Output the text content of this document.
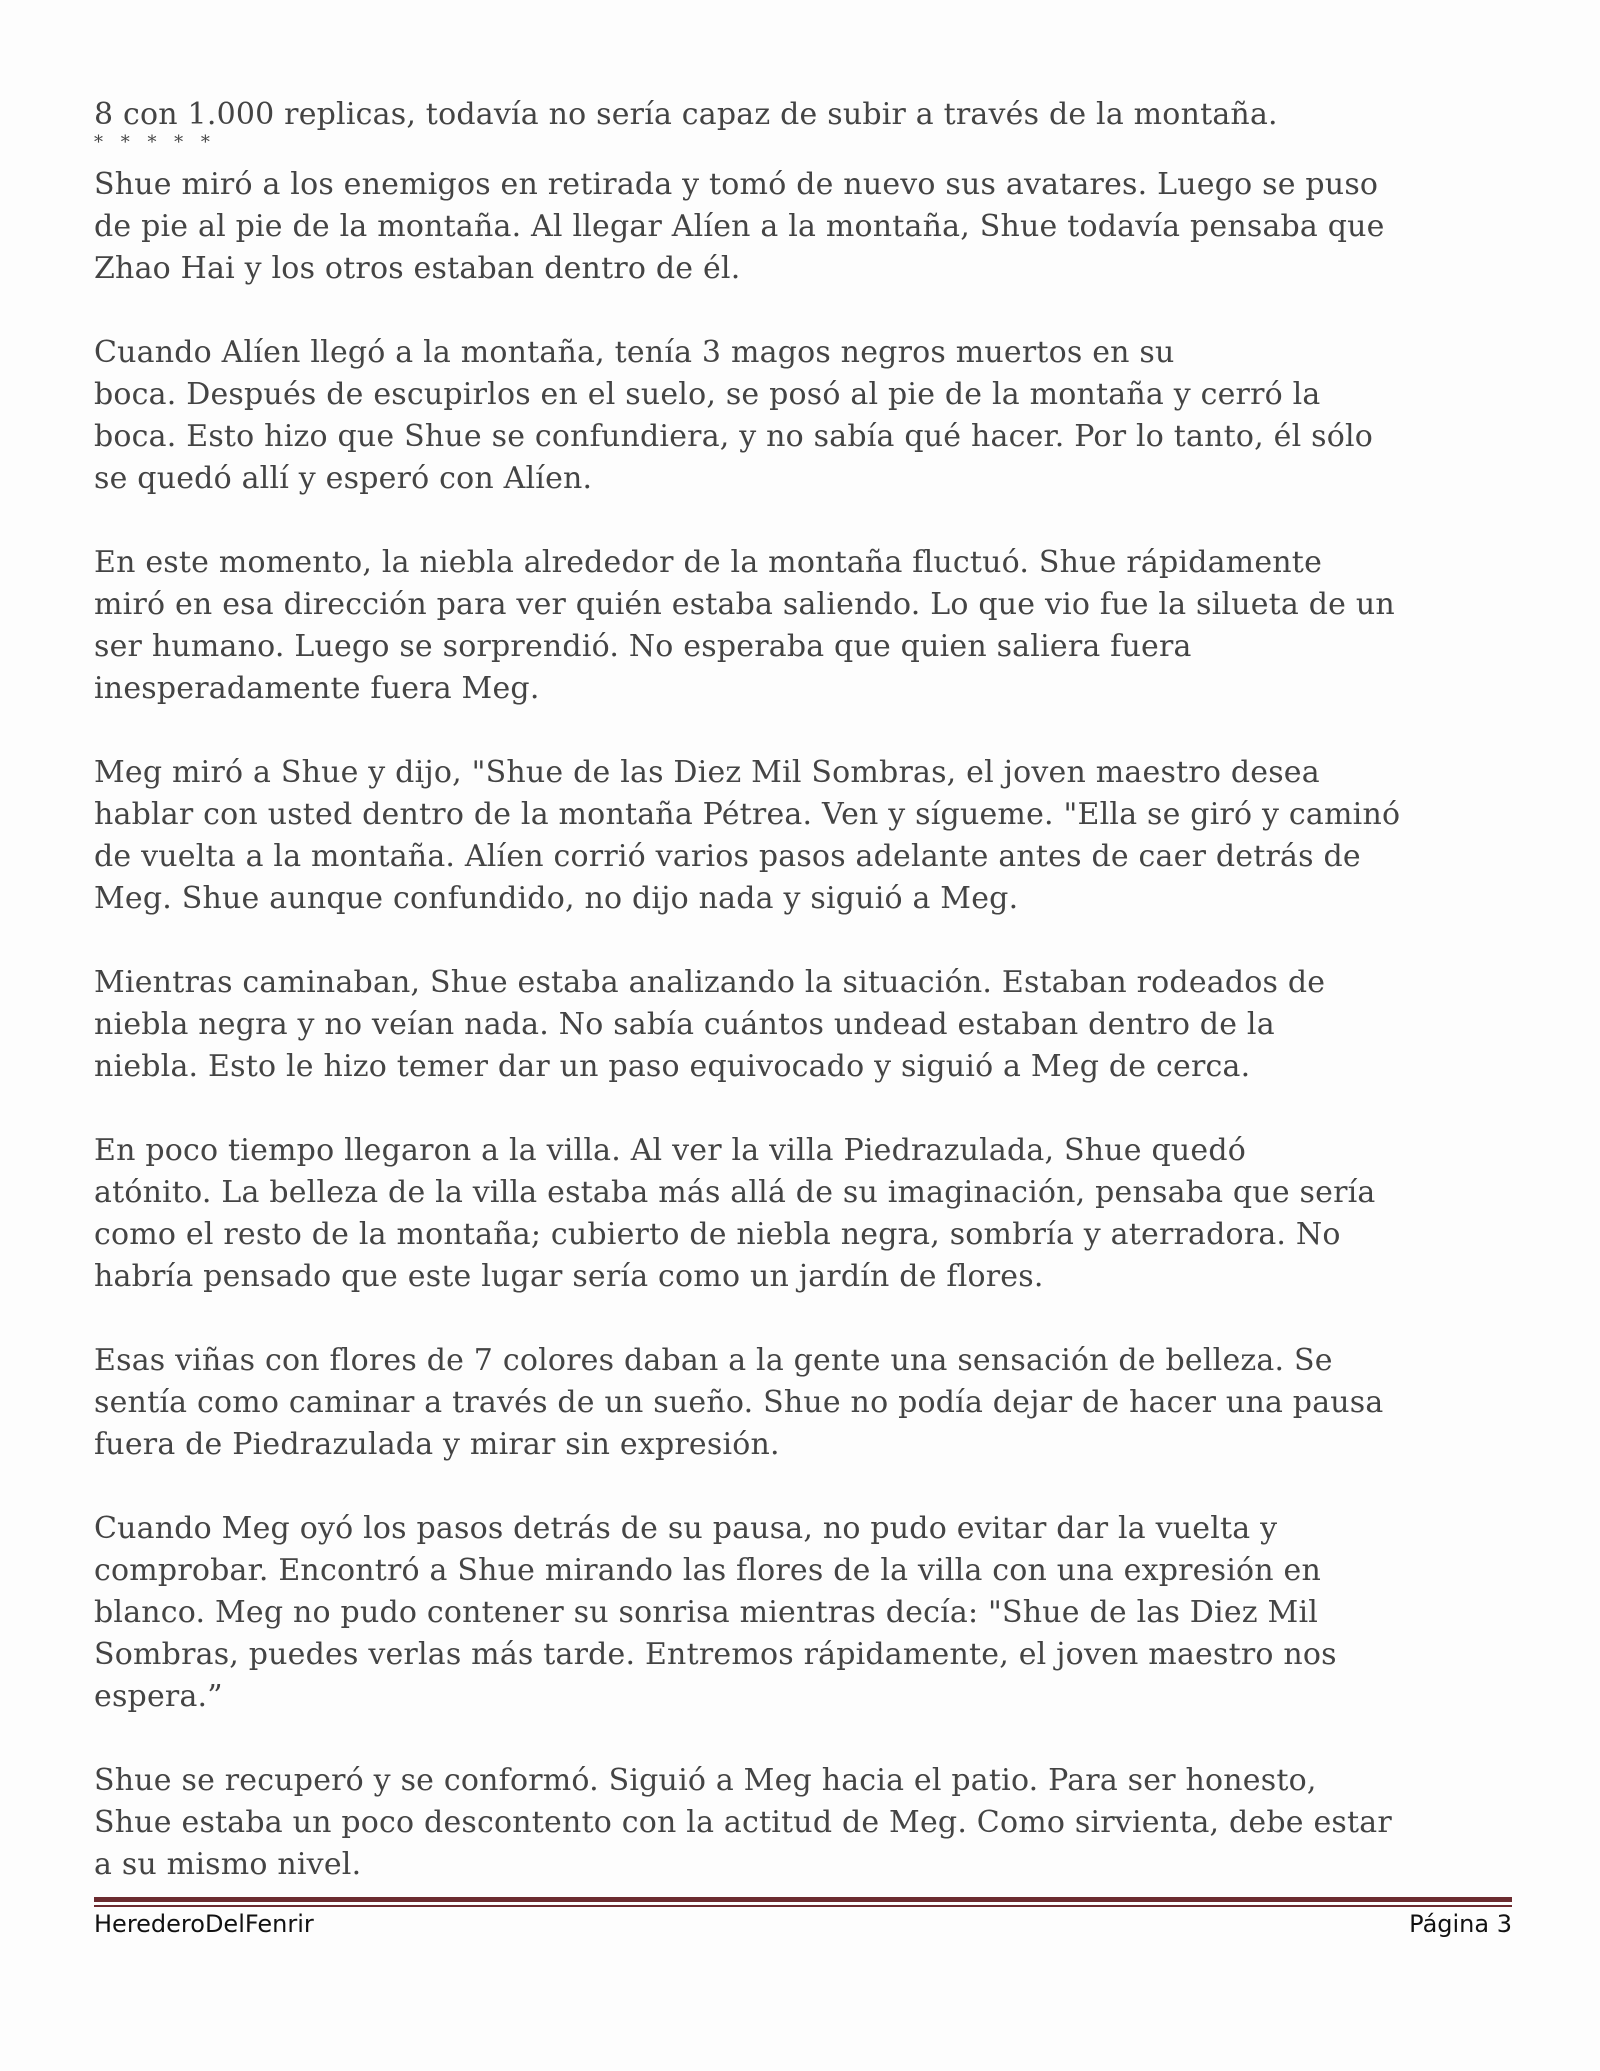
8 con 1.000 replicas, todavía no sería capaz de subir a través de la montaña.
* * * * *
Shue miró a los enemigos en retirada y tomó de nuevo sus avatares. Luego se puso
de pie al pie de la montaña. Al llegar Alíen a la montaña, Shue todavía pensaba que
Zhao Hai y los otros estaban dentro de él.
Cuando Alíen llegó a la montaña, tenía 3 magos negros muertos en su
boca. Después de escupirlos en el suelo, se posó al pie de la montaña y cerró la
boca. Esto hizo que Shue se confundiera, y no sabía qué hacer. Por lo tanto, él sólo
se quedó allí y esperó con Alíen.
En este momento, la niebla alrededor de la montaña fluctuó. Shue rápidamente
miró en esa dirección para ver quién estaba saliendo. Lo que vio fue la silueta de un
ser humano. Luego se sorprendió. No esperaba que quien saliera fuera
inesperadamente fuera Meg.
Meg miró a Shue y dijo, "Shue de las Diez Mil Sombras, el joven maestro desea
hablar con usted dentro de la montaña Pétrea. Ven y sígueme. "Ella se giró y caminó
de vuelta a la montaña. Alíen corrió varios pasos adelante antes de caer detrás de
Meg. Shue aunque confundido, no dijo nada y siguió a Meg.
Mientras caminaban, Shue estaba analizando la situación. Estaban rodeados de
niebla negra y no veían nada. No sabía cuántos undead estaban dentro de la
niebla. Esto le hizo temer dar un paso equivocado y siguió a Meg de cerca.
En poco tiempo llegaron a la villa. Al ver la villa Piedrazulada, Shue quedó
atónito. La belleza de la villa estaba más allá de su imaginación, pensaba que sería
como el resto de la montaña; cubierto de niebla negra, sombría y aterradora. No
habría pensado que este lugar sería como un jardín de flores.
Esas viñas con flores de 7 colores daban a la gente una sensación de belleza. Se
sentía como caminar a través de un sueño. Shue no podía dejar de hacer una pausa
fuera de Piedrazulada y mirar sin expresión.
Cuando Meg oyó los pasos detrás de su pausa, no pudo evitar dar la vuelta y
comprobar. Encontró a Shue mirando las flores de la villa con una expresión en
blanco. Meg no pudo contener su sonrisa mientras decía: "Shue de las Diez Mil
Sombras, puedes verlas más tarde. Entremos rápidamente, el joven maestro nos
espera.”
Shue se recuperó y se conformó. Siguió a Meg hacia el patio. Para ser honesto,
Shue estaba un poco descontento con la actitud de Meg. Como sirvienta, debe estar
a su mismo nivel.
HerederoDelFenrir	Página 3
